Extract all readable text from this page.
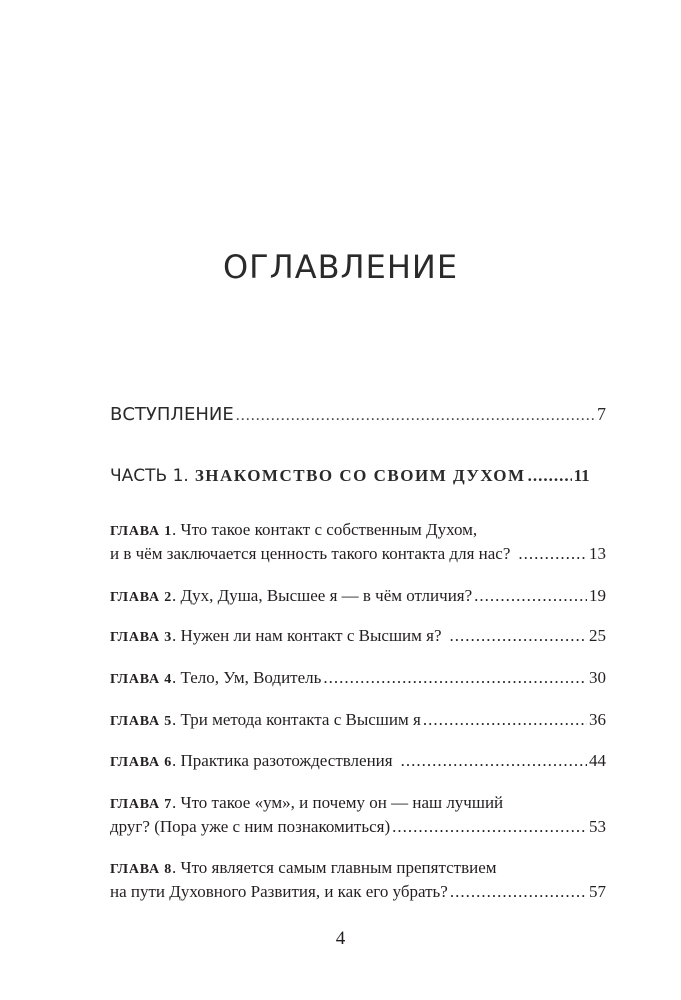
ОГЛАВЛЕНИЕ
ВСТУПЛЕНИЕ .....	7
ЧАСТЬ 1. ЗНАКОМСТВО СО СВОИМ ДУХОМ .....	11
ГЛАВА 1. Что такое контакт с собственным Духом,
и в чём заключается ценность такого контакта для нас? .....	13
ГЛАВА 2. Дух, Душа, Высшее я — в чём отличия? .....	19
ГЛАВА 3. Нужен ли нам контакт с Высшим я? .....	25
ГЛАВА 4. Тело, Ум, Водитель .....	30
ГЛАВА 5. Три метода контакта с Высшим я .....	36
ГЛАВА 6. Практика разотождествления .....	44
ГЛАВА 7. Что такое «ум», и почему он — наш лучший
друг? (Пора уже с ним познакомиться) .....	53
ГЛАВА 8. Что является самым главным препятствием
на пути Духовного Развития, и как его убрать? .....	57
4
